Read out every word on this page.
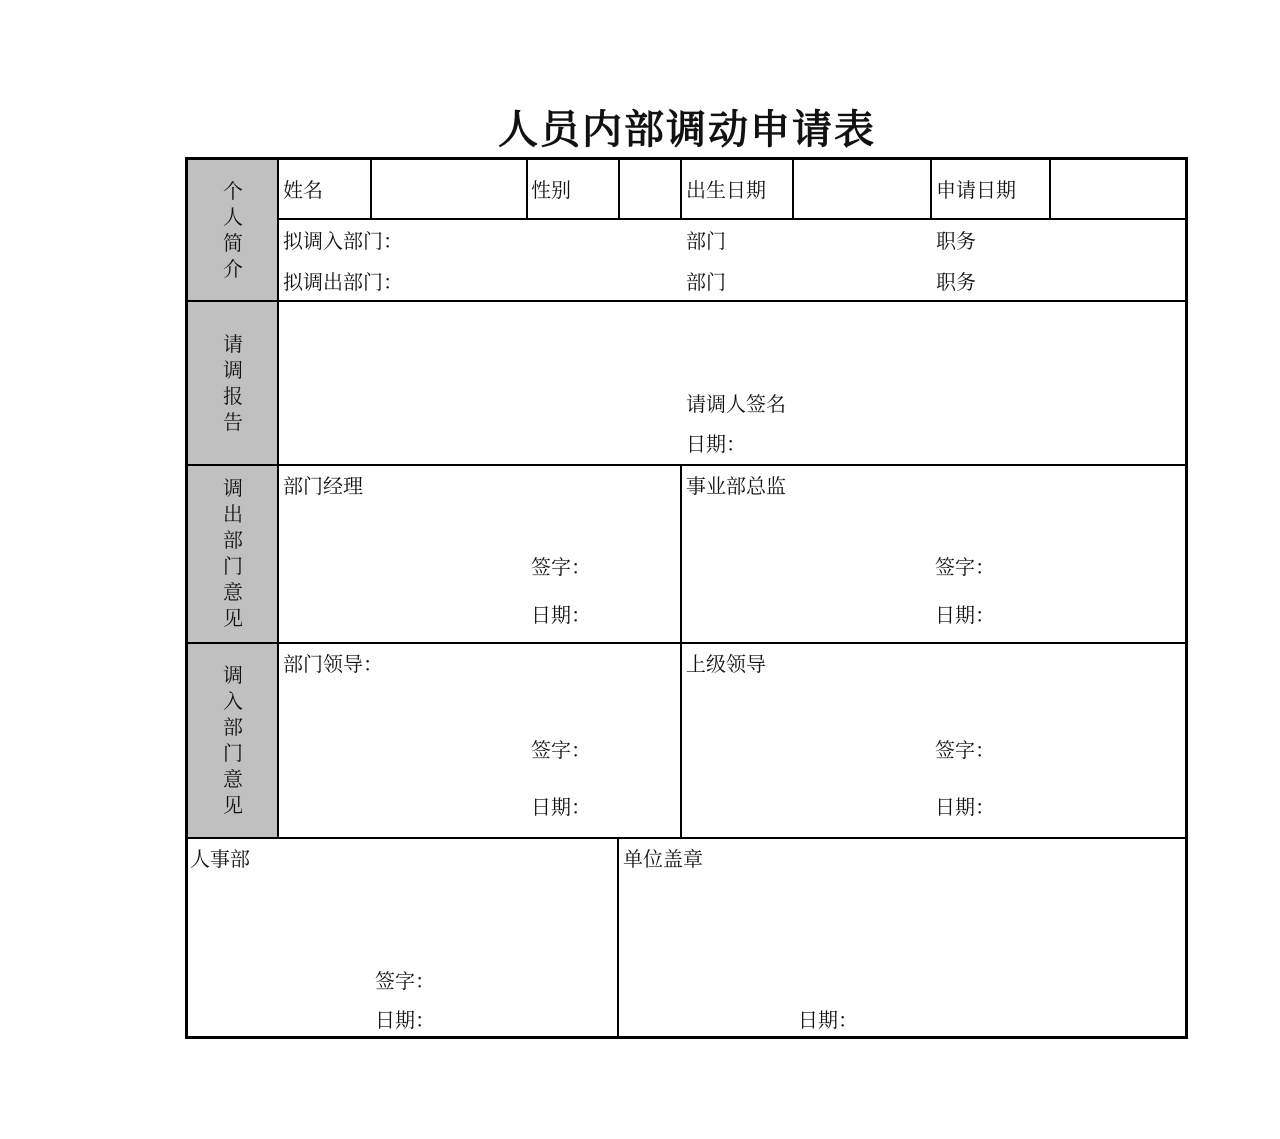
人员内部调动申请表
个
人
简
介
姓名	性别	出生日期	申请日期
拟调入部门：	部门	职务
拟调出部门：	部门	职务
请
调
报
告
请调人签名
日期：
调
出
部
门
意
见
部门经理
签字：
日期：
事业部总监
签字：
日期：
调
入
部
门
意
见
部门领导：
签字：
日期：
上级领导
签字：
日期：
人事部
签字：
日期：
单位盖章
日期：
